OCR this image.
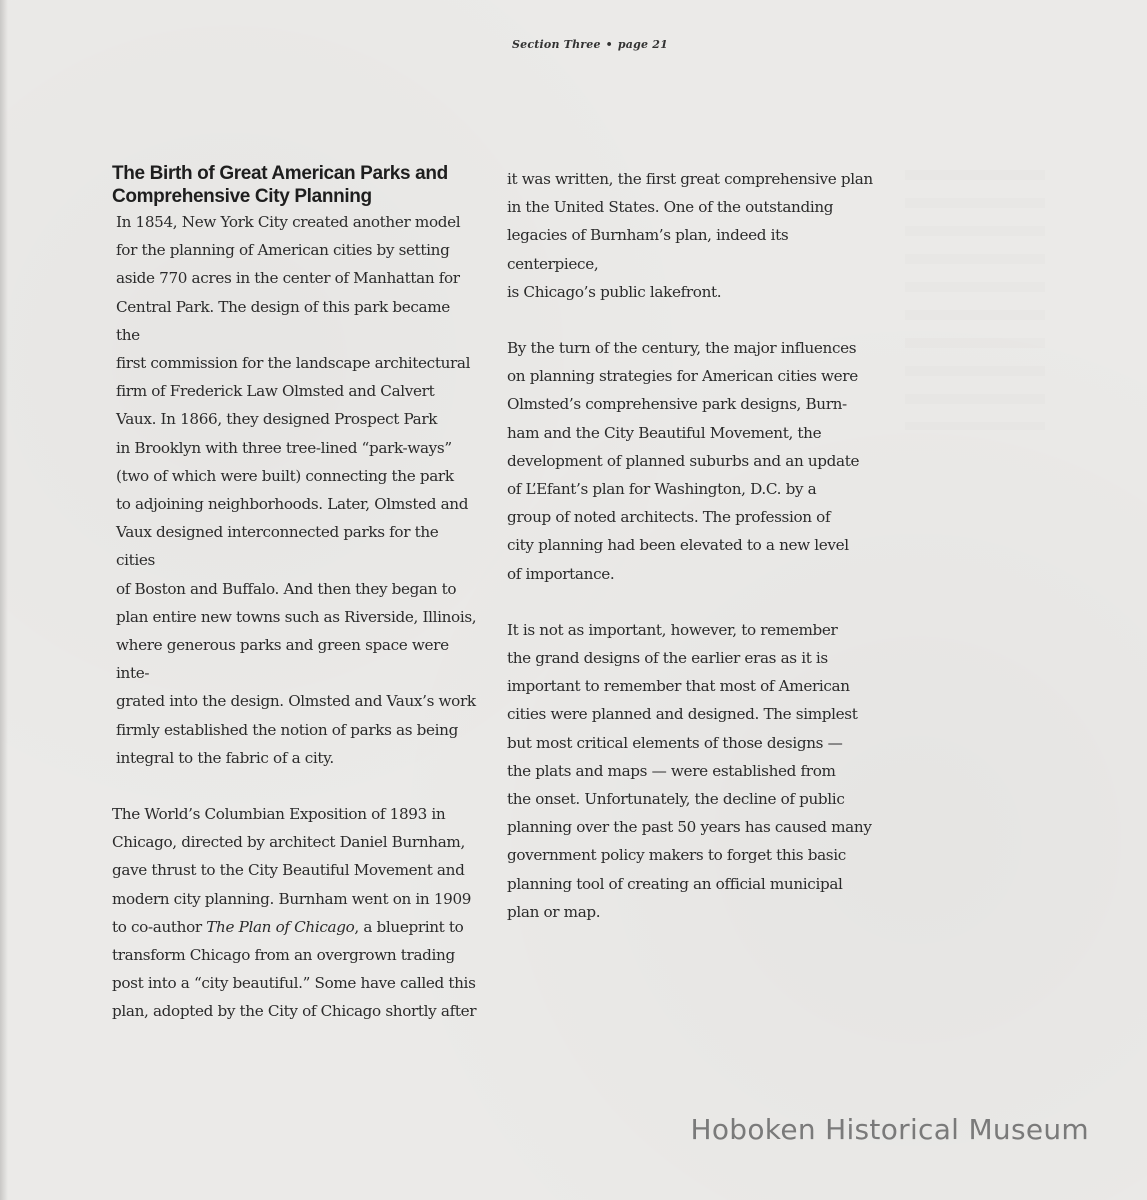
Section Three • page 21
The Birth of Great American Parks and
Comprehensive City Planning

In 1854, New York City created another model
for the planning of American cities by setting
aside 770 acres in the center of Manhattan for
Central Park. The design of this park became the
first commission for the landscape architectural
firm of Frederick Law Olmsted and Calvert
Vaux. In 1866, they designed Prospect Park
in Brooklyn with three tree-lined “park-ways”
(two of which were built) connecting the park
to adjoining neighborhoods. Later, Olmsted and
Vaux designed interconnected parks for the cities
of Boston and Buffalo. And then they began to
plan entire new towns such as Riverside, Illinois,
where generous parks and green space were inte-
grated into the design. Olmsted and Vaux’s work
firmly established the notion of parks as being
integral to the fabric of a city.

The World’s Columbian Exposition of 1893 in
Chicago, directed by architect Daniel Burnham,
gave thrust to the City Beautiful Movement and
modern city planning. Burnham went on in 1909
to co-author The Plan of Chicago, a blueprint to
transform Chicago from an overgrown trading
post into a “city beautiful.” Some have called this
plan, adopted by the City of Chicago shortly after

it was written, the first great comprehensive plan
in the United States. One of the outstanding
legacies of Burnham’s plan, indeed its centerpiece,
is Chicago’s public lakefront.

By the turn of the century, the major influences
on planning strategies for American cities were
Olmsted’s comprehensive park designs, Burn-
ham and the City Beautiful Movement, the
development of planned suburbs and an update
of L’Efant’s plan for Washington, D.C. by a
group of noted architects. The profession of
city planning had been elevated to a new level
of importance.

It is not as important, however, to remember
the grand designs of the earlier eras as it is
important to remember that most of American
cities were planned and designed. The simplest
but most critical elements of those designs —
the plats and maps — were established from
the onset. Unfortunately, the decline of public
planning over the past 50 years has caused many
government policy makers to forget this basic
planning tool of creating an official municipal
plan or map.

Hoboken Historical Museum
